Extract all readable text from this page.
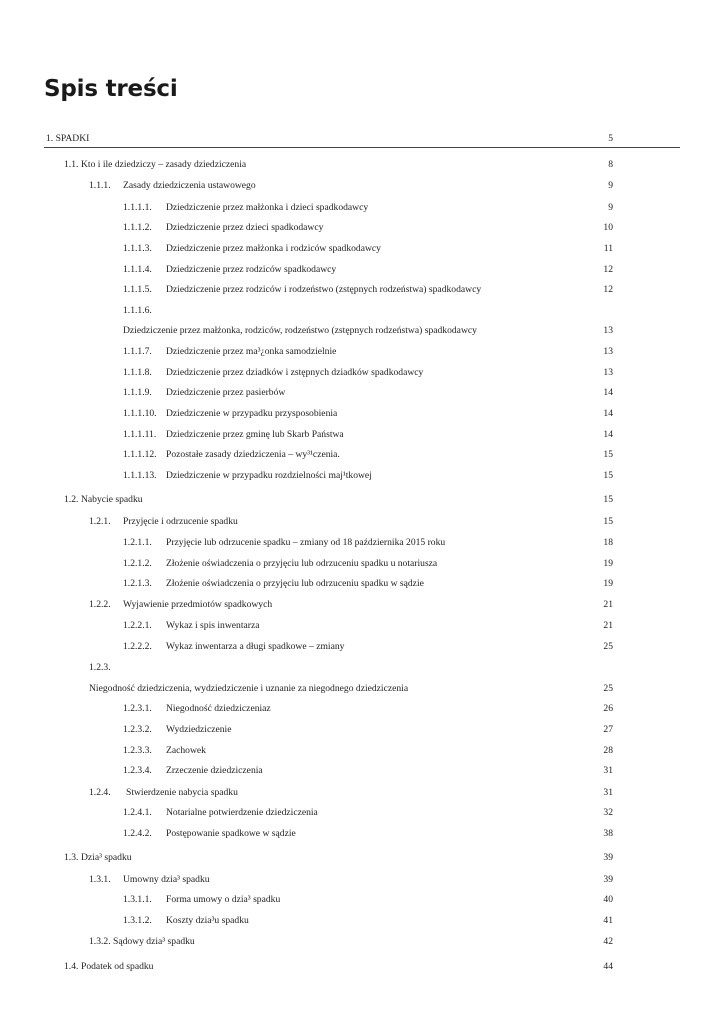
Spis treści
1. SPADKI	5
1.1. Kto i ile dziedziczy – zasady dziedziczenia	8
1.1.1. Zasady dziedziczenia ustawowego	9
1.1.1.1. Dziedziczenie przez małżonka i dzieci spadkodawcy	9
1.1.1.2. Dziedziczenie przez dzieci spadkodawcy	10
1.1.1.3. Dziedziczenie przez małżonka i rodziców spadkodawcy	11
1.1.1.4. Dziedziczenie przez rodziców spadkodawcy	12
1.1.1.5. Dziedziczenie przez rodziców i rodzeństwo (zstępnych rodzeństwa) spadkodawcy	12
1.1.1.6.
Dziedziczenie przez małżonka, rodziców, rodzeństwo (zstępnych rodzeństwa) spadkodawcy	13
1.1.1.7. Dziedziczenie przez ma³¿onka samodzielnie	13
1.1.1.8. Dziedziczenie przez dziadków i zstępnych dziadków spadkodawcy	13
1.1.1.9. Dziedziczenie przez pasierbów	14
1.1.1.10. Dziedziczenie w przypadku przysposobienia	14
1.1.1.11. Dziedziczenie przez gminę lub Skarb Państwa	14
1.1.1.12. Pozostałe zasady dziedziczenia – wy³¹czenia.	15
1.1.1.13. Dziedziczenie w przypadku rozdzielności maj¹tkowej	15
1.2. Nabycie spadku	15
1.2.1. Przyjęcie i odrzucenie spadku	15
1.2.1.1. Przyjęcie lub odrzucenie spadku – zmiany od 18 października 2015 roku	18
1.2.1.2. Złożenie oświadczenia o przyjęciu lub odrzuceniu spadku u notariusza	19
1.2.1.3. Złożenie oświadczenia o przyjęciu lub odrzuceniu spadku w sądzie	19
1.2.2. Wyjawienie przedmiotów spadkowych	21
1.2.2.1. Wykaz i spis inwentarza	21
1.2.2.2. Wykaz inwentarza a długi spadkowe – zmiany	25
1.2.3.
Niegodność dziedziczenia, wydziedziczenie i uznanie za niegodnego dziedziczenia	25
1.2.3.1. Niegodność dziedziczeniaz	26
1.2.3.2. Wydziedziczenie	27
1.2.3.3. Zachowek	28
1.2.3.4. Zrzeczenie dziedziczenia	31
1.2.4. Stwierdzenie nabycia spadku	31
1.2.4.1. Notarialne potwierdzenie dziedziczenia	32
1.2.4.2. Postępowanie spadkowe w sądzie	38
1.3. Dzia³ spadku	39
1.3.1. Umowny dzia³ spadku	39
1.3.1.1. Forma umowy o dzia³ spadku	40
1.3.1.2. Koszty dzia³u spadku	41
1.3.2. Sądowy dzia³ spadku	42
1.4. Podatek od spadku	44
